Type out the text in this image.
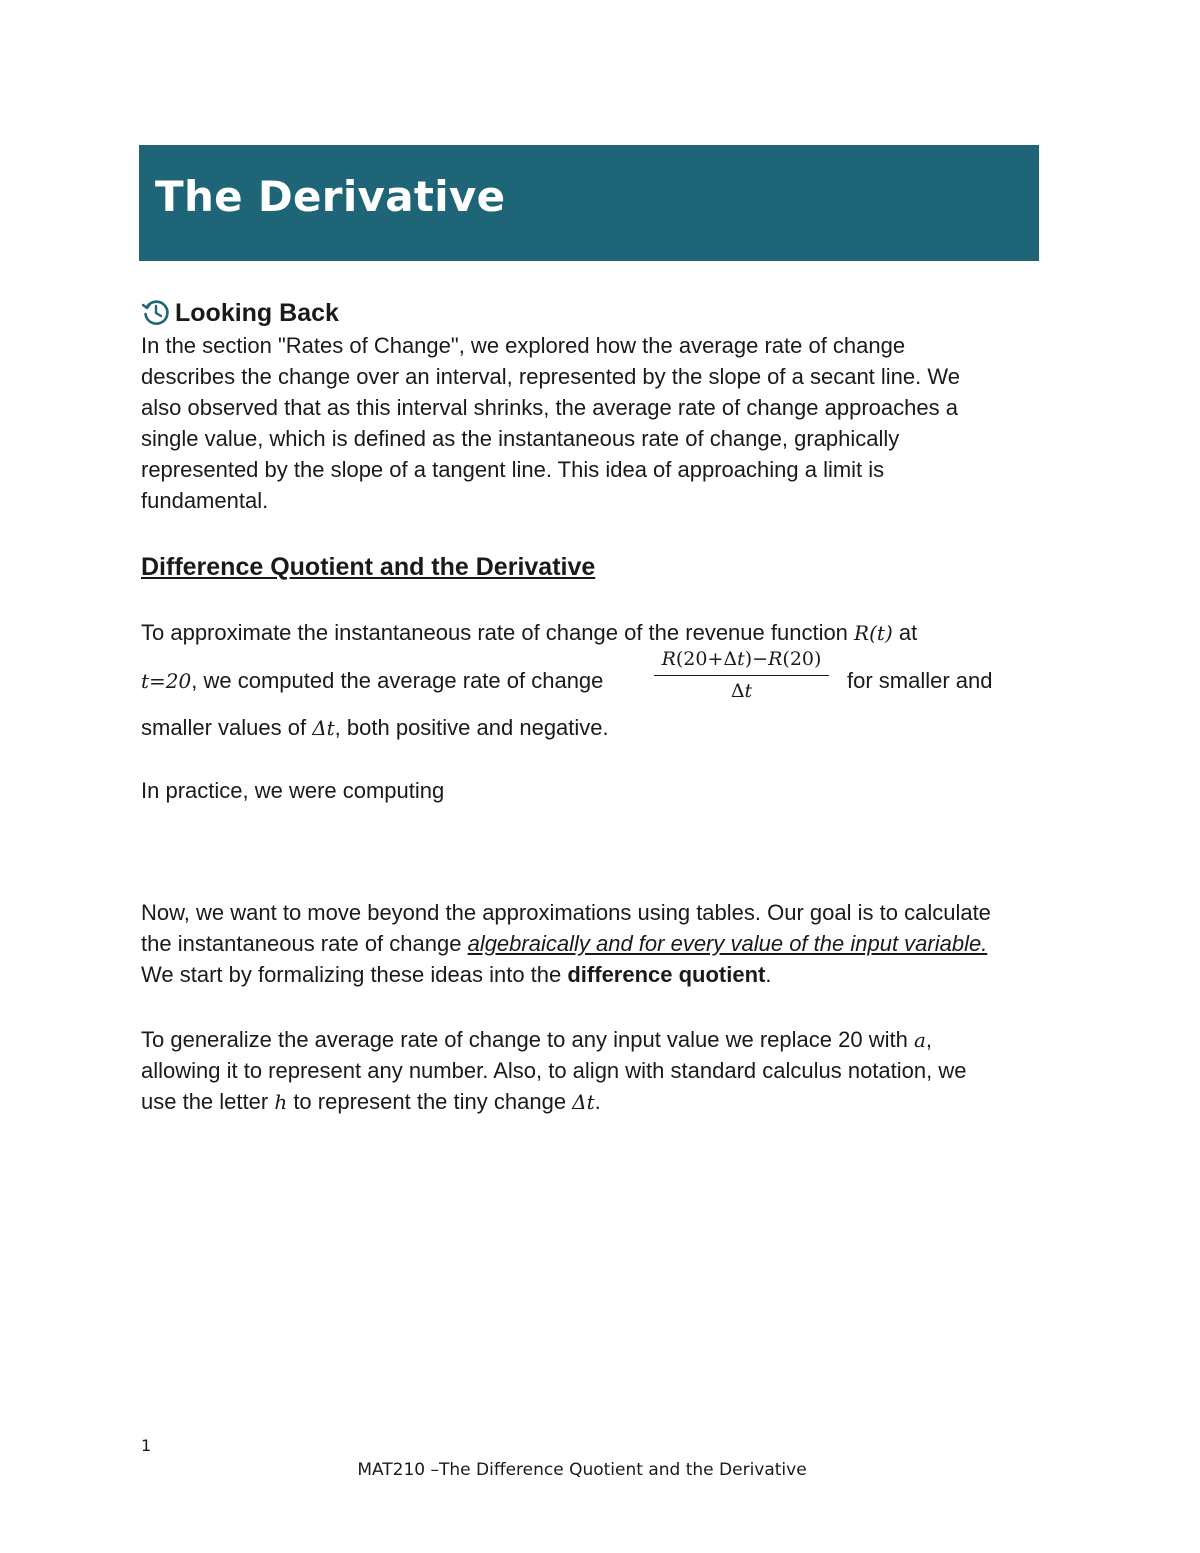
The Derivative
Looking Back

In the section "Rates of Change", we explored how the average rate of change

describes the change over an interval, represented by the slope of a secant line. We

also observed that as this interval shrinks, the average rate of change approaches a

single value, which is defined as the instantaneous rate of change, graphically

represented by the slope of a tangent line. This idea of approaching a limit is

fundamental.

Difference Quotient and the Derivative
To approximate the instantaneous rate of change of the revenue function R(t) at
t=20, we computed the average rate of change	$\frac{R(20+\Delta t)-R(20)}{\Delta t}$ for smaller and
smaller values of Δt, both positive and negative.
In practice, we were computing
Now, we want to move beyond the approximations using tables. Our goal is to calculate
the instantaneous rate of change algebraically and for every value of the input variable.
We start by formalizing these ideas into the difference quotient.
To generalize the average rate of change to any input value we replace 20 with a,
allowing it to represent any number. Also, to align with standard calculus notation, we
use the letter h to represent the tiny change Δt.
1
MAT210 –The Difference Quotient and the Derivative
